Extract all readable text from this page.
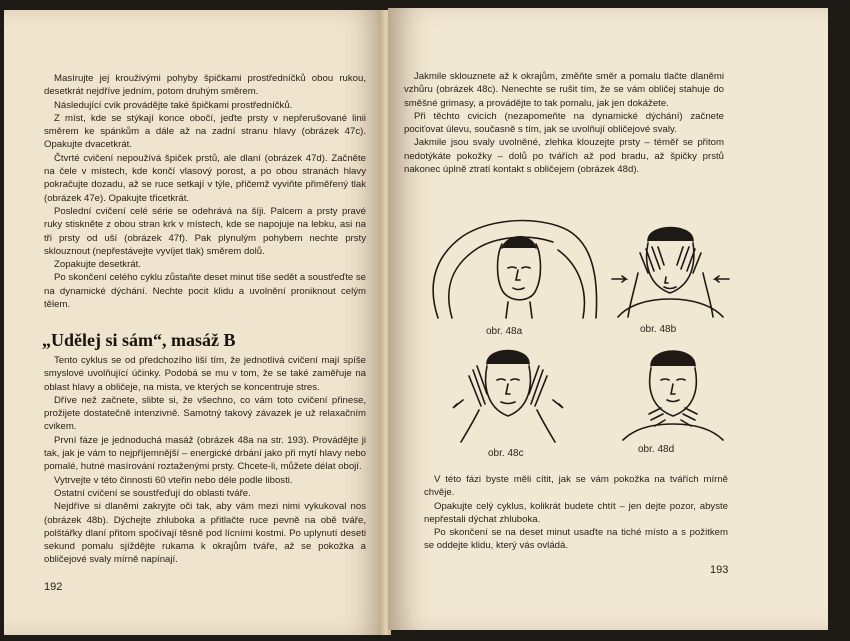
Masírujte jej krouživými pohyby špičkami prostředníčků obou rukou, desetkrát nejdříve jedním, potom druhým směrem.

Následující cvik provádějte také špičkami prostředníčků.

Z míst, kde se stýkají konce obočí, jeďte prsty v nepřerušované linii směrem ke spánkům a dále až na zadní stranu hlavy (obrázek 47c). Opakujte dvacetkrát.

Čtvrté cvičení nepoužívá špiček prstů, ale dlaní (obrázek 47d). Začněte na čele v místech, kde končí vlasový porost, a po obou stranách hlavy pokračujte dozadu, až se ruce setkají v týle, přičemž vyviňte přiměřený tlak (obrázek 47e). Opakujte třicetkrát.

Poslední cvičení celé série se odehrává na šíji. Palcem a prsty pravé ruky stiskněte z obou stran krk v místech, kde se napojuje na lebku, asi na tři prsty od uší (obrázek 47f). Pak plynulým pohybem nechte prsty sklouznout (nepřestávejte vyvíjet tlak) směrem dolů.

Zopakujte desetkrát.

Po skončení celého cyklu zůstaňte deset minut tiše sedět a soustřeďte se na dynamické dýchání. Nechte pocit klidu a uvolnění proniknout celým tělem.

„Udělej si sám“, masáž B

Tento cyklus se od předchozího liší tím, že jednotlivá cvičení mají spíše smyslové uvolňující účinky. Podobá se mu v tom, že se také zaměřuje na oblast hlavy a obličeje, na mista, ve kterých se koncentruje stres.

Dříve než začnete, slibte si, že všechno, co vám toto cvičení přinese, prožijete dostatečně intenzivně. Samotný takový závazek je už relaxačním cvikem.

První fáze je jednoduchá masáž (obrázek 48a na str. 193). Provádějte ji tak, jak je vám to nejpříjemnější – energické drbání jako při mytí hlavy nebo pomalé, hutné masírování roztaženými prsty. Chcete-li, můžete délat obojí.

Vytrvejte v této činnosti 60 vteřin nebo déle podle libosti.

Ostatní cvičení se soustřeďují do oblasti tváře.

Nejdříve si dlaněmi zakryjte oči tak, aby vám mezi nimi vykukoval nos (obrázek 48b). Dýchejte zhluboka a přitlačte ruce pevně na obě tváře, polštářky dlaní přitom spočívají těsně pod lícními kostmi. Po uplynutí deseti sekund pomalu sjíždějte rukama k okrajům tváře, až se pokožka a obličejové svaly mírně napínají.

192

Jakmile sklouznete až k okrajům, změňte směr a pomalu tlačte dlaněmi vzhůru (obrázek 48c). Nenechte se rušit tím, že se vám obličej stahuje do směšné grimasy, a provádějte to tak pomalu, jak jen dokážete.

Při těchto cvicích (nezapomeňte na dynamické dýchání) začnete pociťovat úlevu, současně s tím, jak se uvolňují obličejové svaly.

Jakmile jsou svaly uvolněné, zlehka klouzejte prsty – téměř se přitom nedotýkáte pokožky – dolů po tvářích až pod bradu, až špičky prstů nakonec úplně ztratí kontakt s obličejem (obrázek 48d).

obr. 48a	obr. 48b
obr. 48c	obr. 48d

V této fázi byste měli cítit, jak se vám pokožka na tvářích mírně chvěje.

Opakujte celý cyklus, kolikrát budete chtít – jen dejte pozor, abyste nepřestali dýchat zhluboka.

Po skončení se na deset minut usaďte na tiché místo a s požitkem se oddejte klidu, který vás ovládá.

193
